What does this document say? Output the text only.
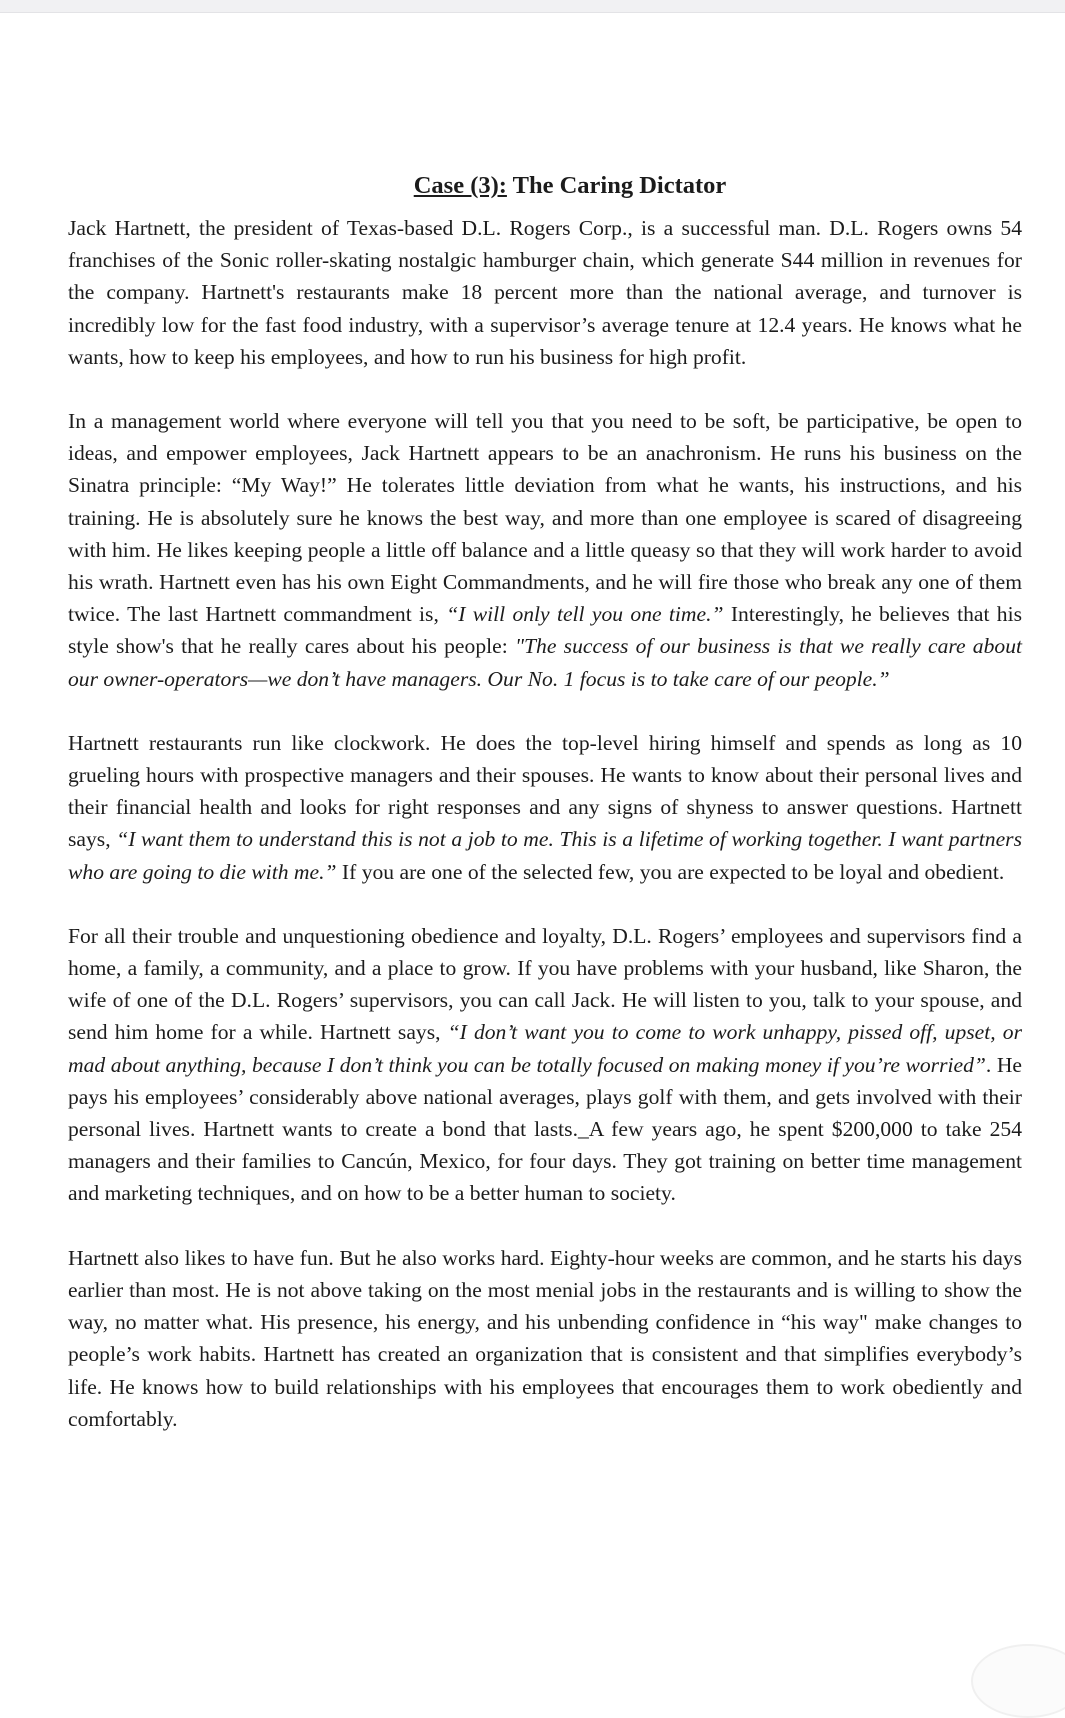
Case (3): The Caring Dictator

Jack Hartnett, the president of Texas-based D.L. Rogers Corp., is a successful man. D.L. Rogers owns 54 franchises of the Sonic roller-skating nostalgic hamburger chain, which generate S44 million in revenues for the company. Hartnett's restaurants make 18 percent more than the national average, and turnover is incredibly low for the fast food industry, with a supervisor’s average tenure at 12.4 years. He knows what he wants, how to keep his employees, and how to run his business for high profit.

In a management world where everyone will tell you that you need to be soft, be participative, be open to ideas, and empower employees, Jack Hartnett appears to be an anachronism. He runs his business on the Sinatra principle: “My Way!” He tolerates little deviation from what he wants, his instructions, and his training. He is absolutely sure he knows the best way, and more than one employee is scared of disagreeing with him. He likes keeping people a little off balance and a little queasy so that they will work harder to avoid his wrath. Hartnett even has his own Eight Commandments, and he will fire those who break any one of them twice. The last Hartnett commandment is, “I will only tell you one time.” Interestingly, he believes that his style show's that he really cares about his people: "The success of our business is that we really care about our owner-operators—we don’t have managers. Our No. 1 focus is to take care of our people.”

Hartnett restaurants run like clockwork. He does the top-level hiring himself and spends as long as 10 grueling hours with prospective managers and their spouses. He wants to know about their personal lives and their financial health and looks for right responses and any signs of shyness to answer questions. Hartnett says, “I want them to understand this is not a job to me. This is a lifetime of working together. I want partners who are going to die with me.” If you are one of the selected few, you are expected to be loyal and obedient.

For all their trouble and unquestioning obedience and loyalty, D.L. Rogers’ employees and supervisors find a home, a family, a community, and a place to grow. If you have problems with your husband, like Sharon, the wife of one of the D.L. Rogers’ supervisors, you can call Jack. He will listen to you, talk to your spouse, and send him home for a while. Hartnett says, “I don’t want you to come to work unhappy, pissed off, upset, or mad about anything, because I don’t think you can be totally focused on making money if you’re worried”. He pays his employees’ considerably above national averages, plays golf with them, and gets involved with their personal lives. Hartnett wants to create a bond that lasts._A few years ago, he spent $200,000 to take 254 managers and their families to Cancún, Mexico, for four days. They got training on better time management and marketing techniques, and on how to be a better human to society.

Hartnett also likes to have fun. But he also works hard. Eighty-hour weeks are common, and he starts his days earlier than most. He is not above taking on the most menial jobs in the restaurants and is willing to show the way, no matter what. His presence, his energy, and his unbending confidence in “his way" make changes to people’s work habits. Hartnett has created an organization that is consistent and that simplifies everybody’s life. He knows how to build relationships with his employees that encourages them to work obediently and comfortably.
